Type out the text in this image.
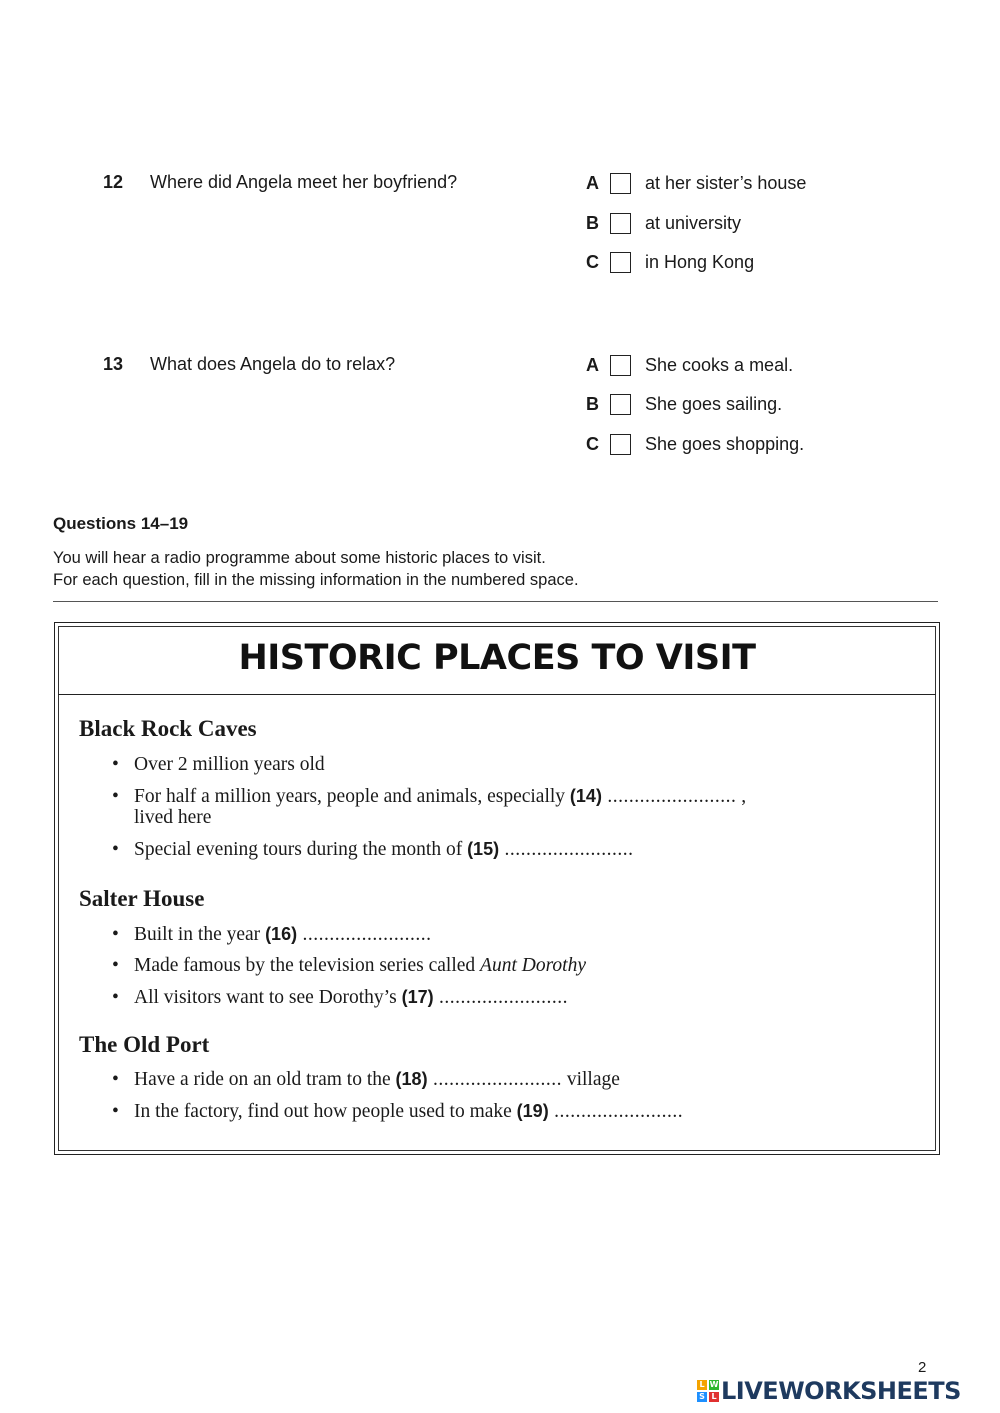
12 Where did Angela meet her boyfriend?	A	at her sister’s house
B	at university
C	in Hong Kong
13 What does Angela do to relax?	A	She cooks a meal.
B	She goes sailing.
C	She goes shopping.
Questions 14–19
You will hear a radio programme about some historic places to visit.
For each question, fill in the missing information in the numbered space.
HISTORIC PLACES TO VISIT
Black Rock Caves
• Over 2 million years old
• For half a million years, people and animals, especially (14) ........................ ,
lived here
• Special evening tours during the month of (15) ........................
Salter House
• Built in the year (16) ........................
• Made famous by the television series called Aunt Dorothy
• All visitors want to see Dorothy’s (17) ........................
The Old Port
• Have a ride on an old tram to the (18) ........................ village
• In the factory, find out how people used to make (19) ........................
2
L W
S L LIVEWORKSHEETS
